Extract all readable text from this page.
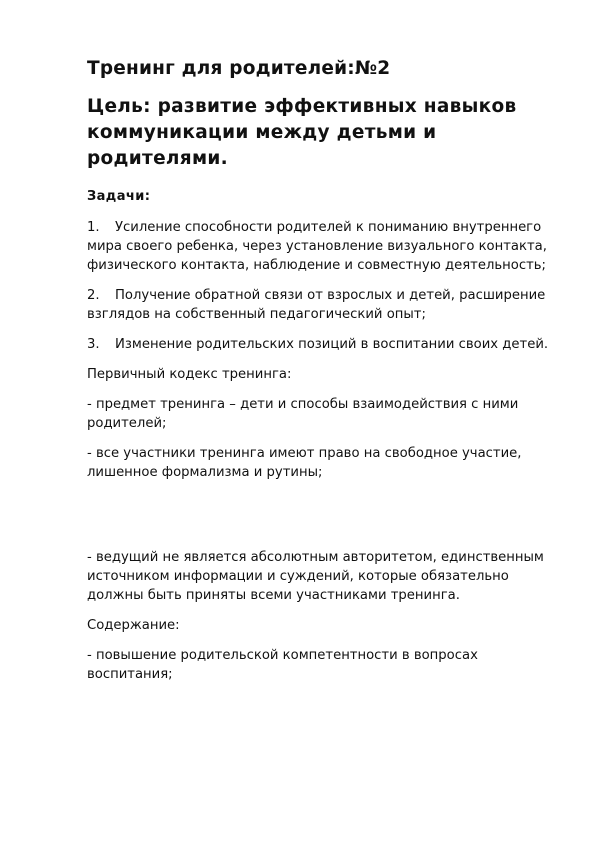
Тренинг для родителей:№2
Цель: развитие эффективных навыков коммуникации между детьми и родителями.
Задачи:
1. Усиление способности родителей к пониманию внутреннего мира своего ребенка, через установление визуального контакта, физического контакта, наблюдение и совместную деятельность;
2. Получение обратной связи от взрослых и детей, расширение взглядов на собственный педагогический опыт;
3. Изменение родительских позиций в воспитании своих детей.
Первичный кодекс тренинга:
- предмет тренинга – дети и способы взаимодействия с ними родителей;
- все участники тренинга имеют право на свободное участие, лишенное формализма и рутины;
- ведущий не является абсолютным авторитетом, единственным источником информации и суждений, которые обязательно должны быть приняты всеми участниками тренинга.
Содержание:
- повышение родительской компетентности в вопросах воспитания;
